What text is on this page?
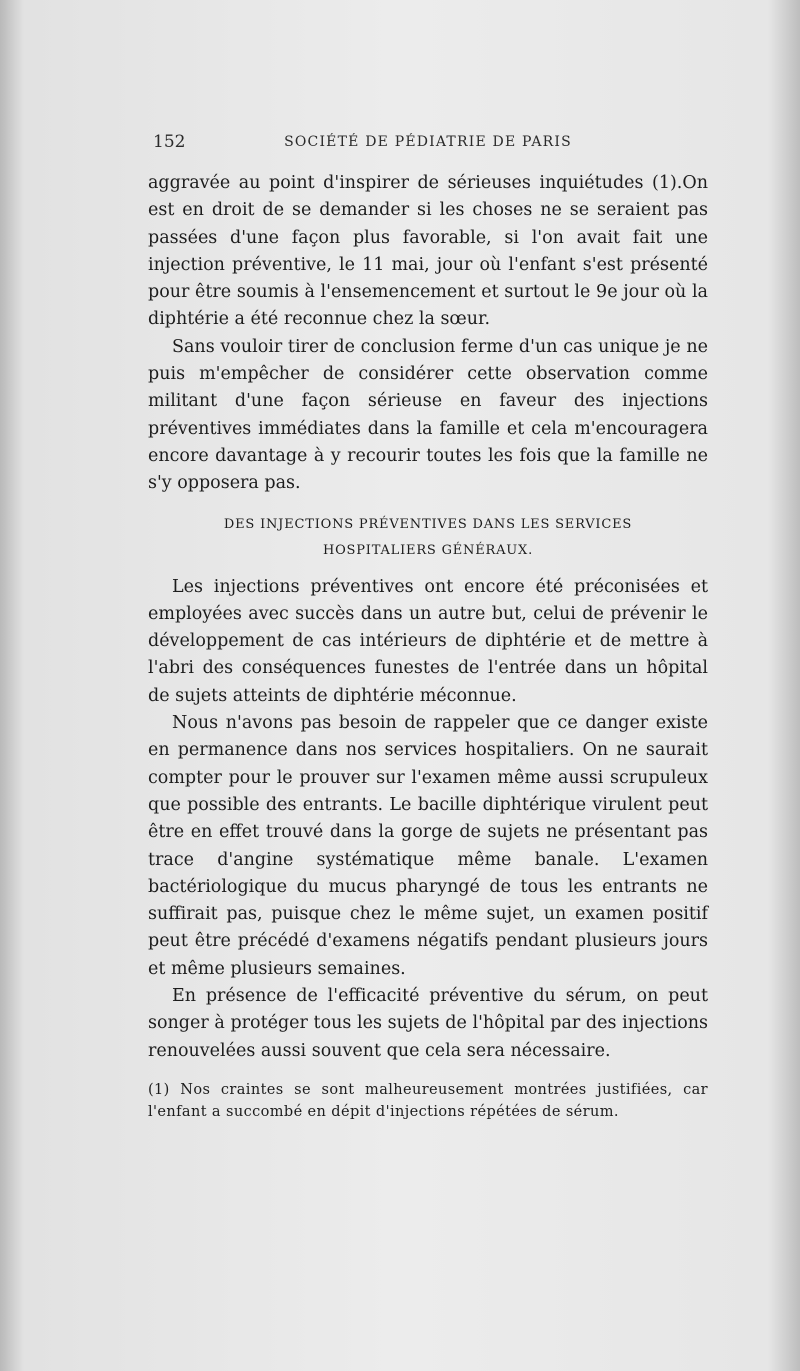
152	SOCIÉTÉ DE PÉDIATRIE DE PARIS

aggravée au point d'inspirer de sérieuses inquiétudes (1).On est en droit de se demander si les choses ne se seraient pas passées d'une façon plus favorable, si l'on avait fait une injection préventive, le 11 mai, jour où l'enfant s'est présenté pour être soumis à l'ensemencement et surtout le 9e jour où la diphtérie a été reconnue chez la sœur.

Sans vouloir tirer de conclusion ferme d'un cas unique je ne puis m'empêcher de considérer cette observation comme militant d'une façon sérieuse en faveur des injections préventives immédiates dans la famille et cela m'encouragera encore davantage à y recourir toutes les fois que la famille ne s'y opposera pas.

DES INJECTIONS PRÉVENTIVES DANS LES SERVICES
HOSPITALIERS GÉNÉRAUX.

Les injections préventives ont encore été préconisées et employées avec succès dans un autre but, celui de prévenir le développement de cas intérieurs de diphtérie et de mettre à l'abri des conséquences funestes de l'entrée dans un hôpital de sujets atteints de diphtérie méconnue.

Nous n'avons pas besoin de rappeler que ce danger existe en permanence dans nos services hospitaliers. On ne saurait compter pour le prouver sur l'examen même aussi scrupuleux que possible des entrants. Le bacille diphtérique virulent peut être en effet trouvé dans la gorge de sujets ne présentant pas trace d'angine systématique même banale. L'examen bactériologique du mucus pharyngé de tous les entrants ne suffirait pas, puisque chez le même sujet, un examen positif peut être précédé d'examens négatifs pendant plusieurs jours et même plusieurs semaines.

En présence de l'efficacité préventive du sérum, on peut songer à protéger tous les sujets de l'hôpital par des injections renouvelées aussi souvent que cela sera nécessaire.

(1) Nos craintes se sont malheureusement montrées justifiées, car l'enfant a succombé en dépit d'injections répétées de sérum.
